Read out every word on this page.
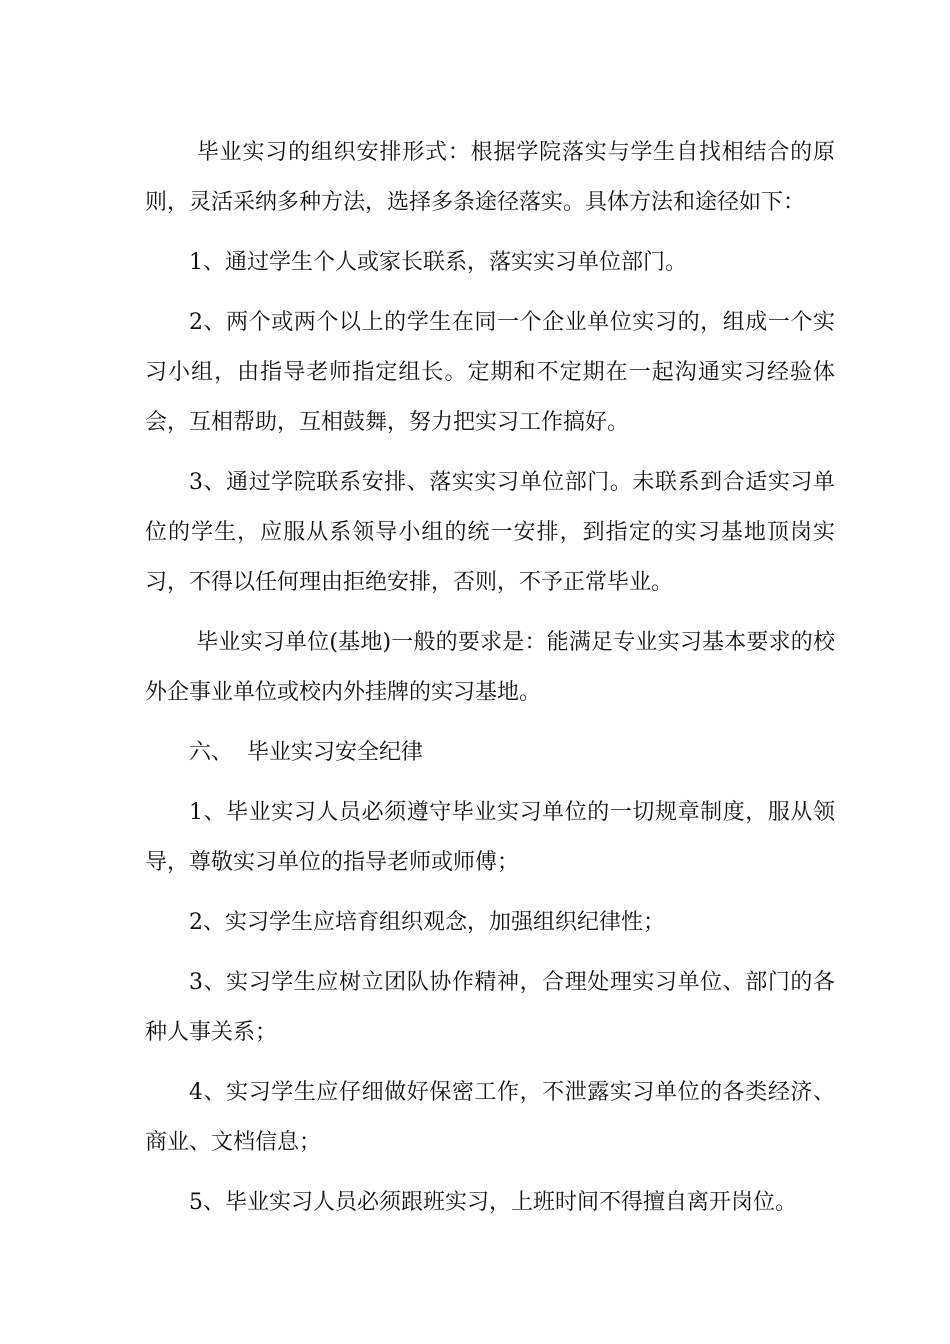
毕业实习的组织安排形式：根据学院落实与学生自找相结合的原则，灵活采纳多种方法，选择多条途径落实。具体方法和途径如下：

1、通过学生个人或家长联系，落实实习单位部门。

2、两个或两个以上的学生在同一个企业单位实习的，组成一个实习小组，由指导老师指定组长。定期和不定期在一起沟通实习经验体会，互相帮助，互相鼓舞，努力把实习工作搞好。

3、通过学院联系安排、落实实习单位部门。未联系到合适实习单位的学生，应服从系领导小组的统一安排，到指定的实习基地顶岗实习，不得以任何理由拒绝安排，否则，不予正常毕业。

毕业实习单位(基地)一般的要求是：能满足专业实习基本要求的校外企事业单位或校内外挂牌的实习基地。

六、  毕业实习安全纪律

1、毕业实习人员必须遵守毕业实习单位的一切规章制度，服从领导，尊敬实习单位的指导老师或师傅；

2、实习学生应培育组织观念，加强组织纪律性；

3、实习学生应树立团队协作精神，合理处理实习单位、部门的各种人事关系；

4、实习学生应仔细做好保密工作，不泄露实习单位的各类经济、商业、文档信息；

5、毕业实习人员必须跟班实习，上班时间不得擅自离开岗位。
